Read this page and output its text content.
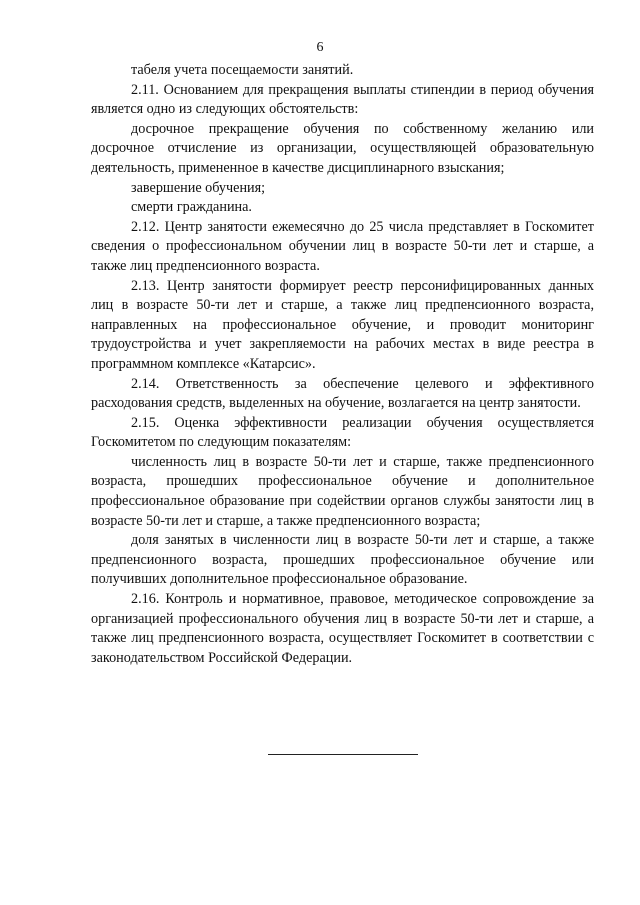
6

табеля учета посещаемости занятий.

2.11. Основанием для прекращения выплаты стипендии в период обучения является одно из следующих обстоятельств:

досрочное прекращение обучения по собственному желанию или досрочное отчисление из организации, осуществляющей образовательную деятельность, примененное в качестве дисциплинарного взыскания;

завершение обучения;

смерти гражданина.

2.12. Центр занятости ежемесячно до 25 числа представляет в Госкомитет сведения о профессиональном обучении лиц в возрасте 50-ти лет и старше, а также лиц предпенсионного возраста.

2.13. Центр занятости формирует реестр персонифицированных данных лиц в возрасте 50-ти лет и старше, а также лиц предпенсионного возраста, направленных на профессиональное обучение, и проводит мониторинг трудоустройства и учет закрепляемости на рабочих местах в виде реестра в программном комплексе «Катарсис».

2.14. Ответственность за обеспечение целевого и эффективного расходования средств, выделенных на обучение, возлагается на центр занятости.

2.15. Оценка эффективности реализации обучения осуществляется Госкомитетом по следующим показателям:

численность лиц в возрасте 50-ти лет и старше, также предпенсионного возраста, прошедших профессиональное обучение и дополнительное профессиональное образование при содействии органов службы занятости лиц в возрасте 50-ти лет и старше, а также предпенсионного возраста;

доля занятых в численности лиц в возрасте 50-ти лет и старше, а также предпенсионного возраста, прошедших профессиональное обучение или получивших дополнительное профессиональное образование.

2.16. Контроль и нормативное, правовое, методическое сопровождение за организацией профессионального обучения лиц в возрасте 50-ти лет и старше, а также лиц предпенсионного возраста, осуществляет Госкомитет в соответствии с законодательством Российской Федерации.
